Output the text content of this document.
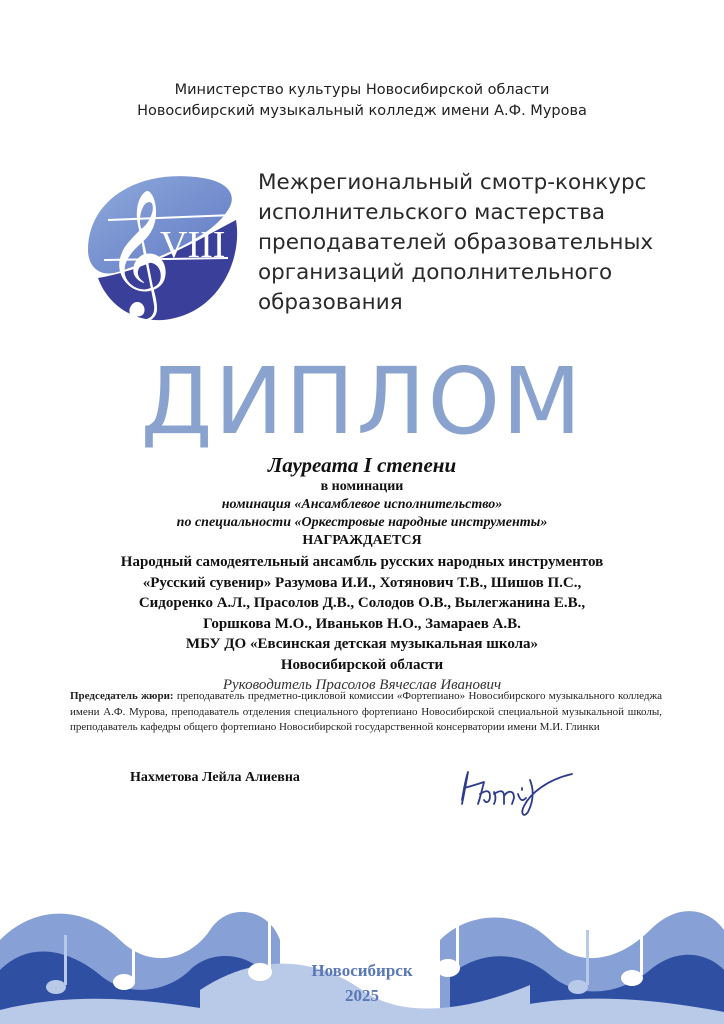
Министерство культуры Новосибирской области
Новосибирский музыкальный колледж имени А.Ф. Мурова
𝄞
VIII
Межрегиональный смотр-конкурс
исполнительского мастерства
преподавателей образовательных
организаций дополнительного
образования
ДИПЛОМ
Лауреата I степени
в номинации
номинация «Ансамблевое исполнительство»
по специальности «Оркестровые народные инструменты»
НАГРАЖДАЕТСЯ
Народный самодеятельный ансамбль русских народных инструментов
«Русский сувенир» Разумова И.И., Хотянович Т.В., Шишов П.С.,
Сидоренко А.Л., Прасолов Д.В., Солодов О.В., Вылегжанина Е.В.,
Горшкова М.О., Иваньков Н.О., Замараев А.В.
МБУ ДО «Евсинская детская музыкальная школа»
Новосибирской области
Руководитель Прасолов Вячеслав Иванович
Председатель жюри: преподаватель предметно-цикловой комиссии «Фортепиано» Новосибирского музыкального колледжа имени А.Ф. Мурова, преподаватель отделения специального фортепиано Новосибирской специальной музыкальной школы, преподаватель кафедры общего фортепиано Новосибирской государственной консерватории имени М.И. Глинки
Нахметова Лейла Алиевна
Новосибирск
2025
